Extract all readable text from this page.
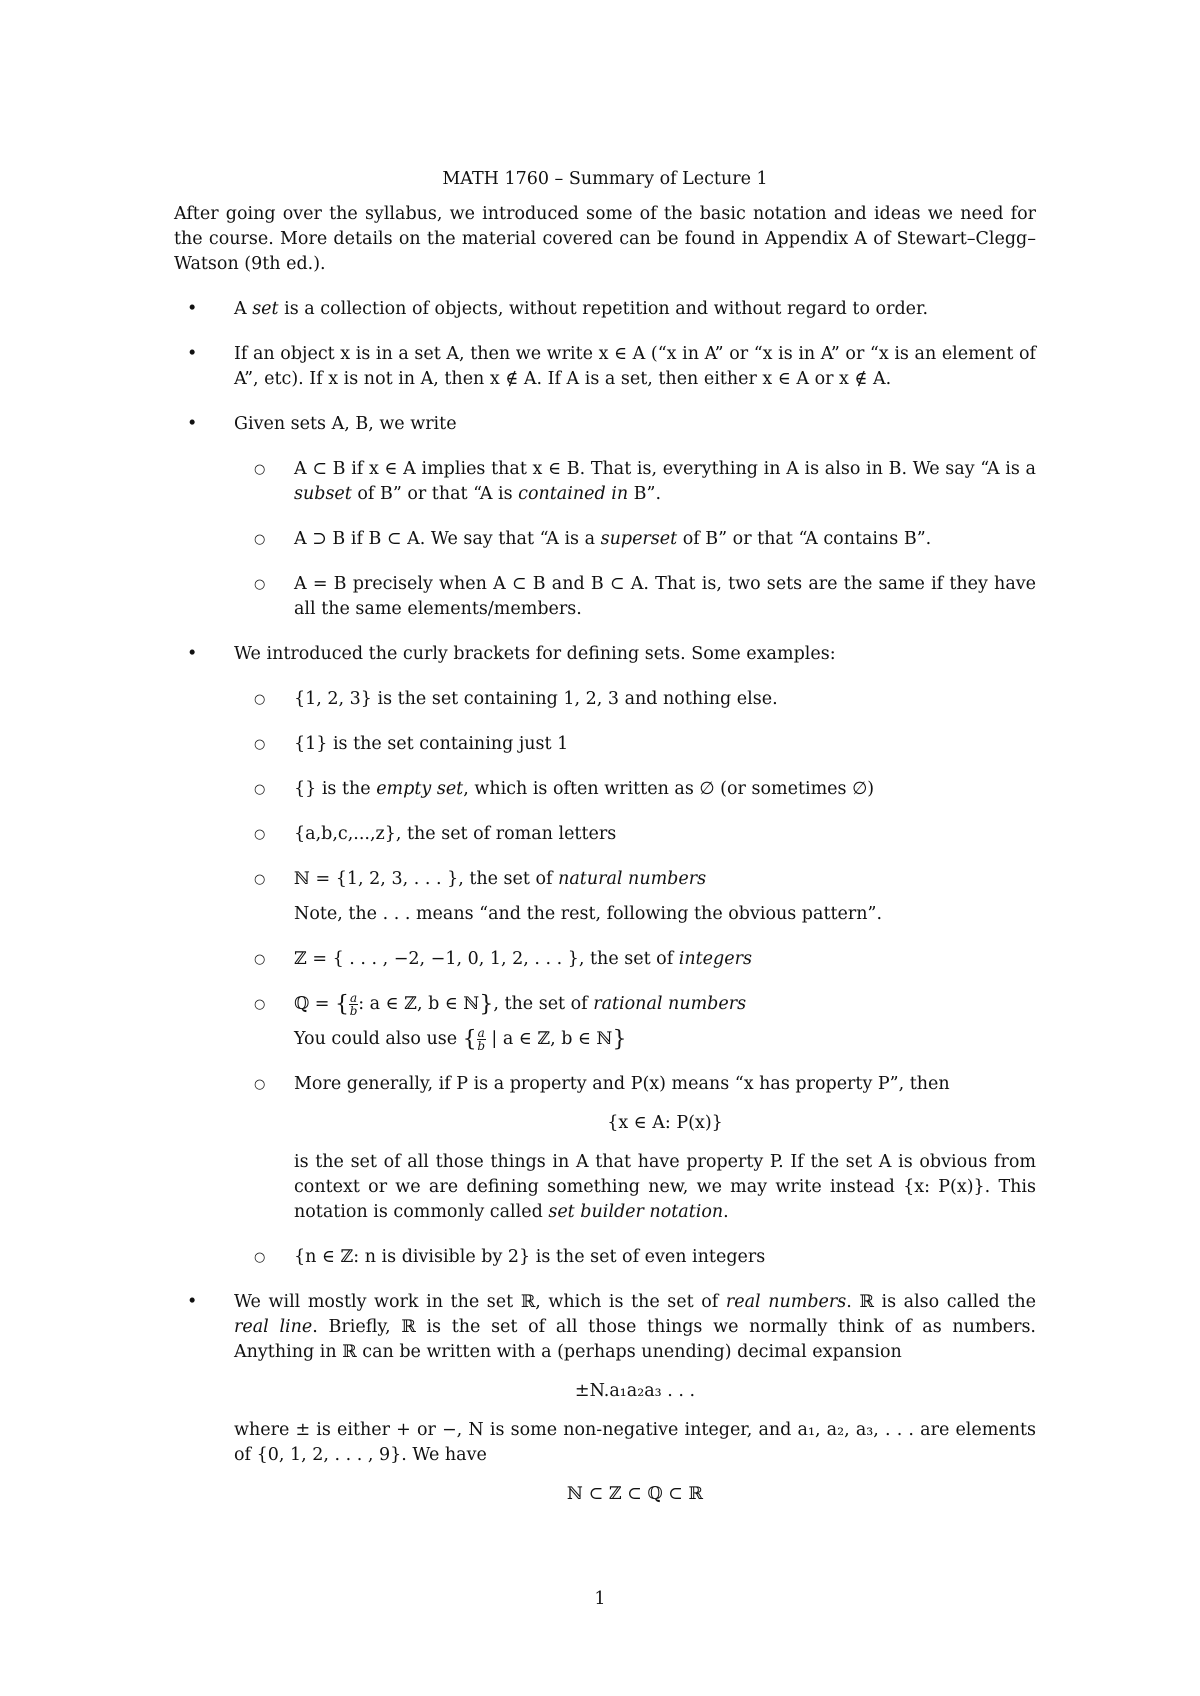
MATH 1760 – Summary of Lecture 1

After going over the syllabus, we introduced some of the basic notation and ideas we need for the course. More details on the material covered can be found in Appendix A of Stewart–Clegg–Watson (9th ed.).

• A set is a collection of objects, without repetition and without regard to order.

• If an object x is in a set A, then we write x ∈ A (“x in A” or “x is in A” or “x is an element of A”, etc). If x is not in A, then x ∉ A. If A is a set, then either x ∈ A or x ∉ A.

• Given sets A, B, we write

○ A ⊂ B if x ∈ A implies that x ∈ B. That is, everything in A is also in B. We say “A is a subset of B” or that “A is contained in B”.

○ A ⊃ B if B ⊂ A. We say that “A is a superset of B” or that “A contains B”.

○ A = B precisely when A ⊂ B and B ⊂ A. That is, two sets are the same if they have all the same elements/members.

• We introduced the curly brackets for defining sets. Some examples:

○ {1, 2, 3} is the set containing 1, 2, 3 and nothing else.

○ {1} is the set containing just 1

○ {} is the empty set, which is often written as ∅ (or sometimes ∅)

○ {a,b,c,...,z}, the set of roman letters

○ ℕ = {1, 2, 3, . . . }, the set of natural numbers

Note, the . . . means “and the rest, following the obvious pattern”.

○ ℤ = { . . . , −2, −1, 0, 1, 2, . . . }, the set of integers

○ ℚ = { $\frac{a}{b}$ : a ∈ ℤ, b ∈ ℕ}, the set of rational numbers

You could also use { $\frac{a}{b}$ | a ∈ ℤ, b ∈ ℕ}

○ More generally, if P is a property and P(x) means “x has property P”, then

{x ∈ A: P(x)}

is the set of all those things in A that have property P. If the set A is obvious from context or we are defining something new, we may write instead {x: P(x)}. This notation is commonly called set builder notation.

○ {n ∈ ℤ: n is divisible by 2} is the set of even integers

• We will mostly work in the set ℝ, which is the set of real numbers. ℝ is also called the real line. Briefly, ℝ is the set of all those things we normally think of as numbers. Anything in ℝ can be written with a (perhaps unending) decimal expansion

±N.a₁a₂a₃ . . .

where ± is either + or −, N is some non-negative integer, and a₁, a₂, a₃, . . . are elements of {0, 1, 2, . . . , 9}. We have

ℕ ⊂ ℤ ⊂ ℚ ⊂ ℝ

1
